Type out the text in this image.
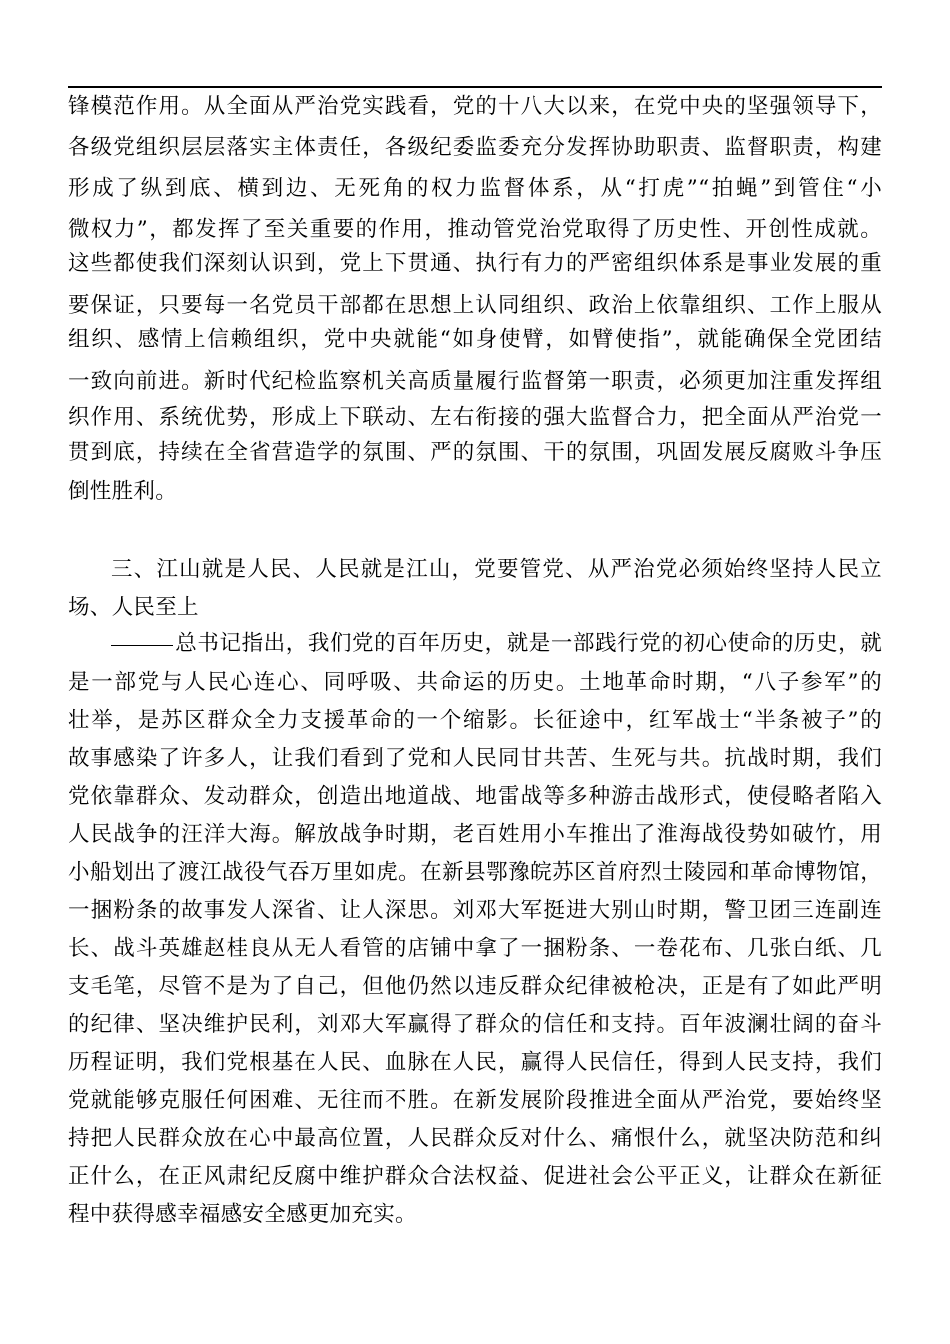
锋模范作用。从全面从严治党实践看，党的十八大以来，在党中央的坚强领导下，
各级党组织层层落实主体责任，各级纪委监委充分发挥协助职责、监督职责，构建
形成了纵到底、横到边、无死角的权力监督体系，从“打虎”“拍蝇”到管住“小
微权力”，都发挥了至关重要的作用，推动管党治党取得了历史性、开创性成就。
这些都使我们深刻认识到，党上下贯通、执行有力的严密组织体系是事业发展的重
要保证，只要每一名党员干部都在思想上认同组织、政治上依靠组织、工作上服从
组织、感情上信赖组织，党中央就能“如身使臂，如臂使指”，就能确保全党团结
一致向前进。新时代纪检监察机关高质量履行监督第一职责，必须更加注重发挥组
织作用、系统优势，形成上下联动、左右衔接的强大监督合力，把全面从严治党一
贯到底，持续在全省营造学的氛围、严的氛围、干的氛围，巩固发展反腐败斗争压
倒性胜利。
三、江山就是人民、人民就是江山，党要管党、从严治党必须始终坚持人民立
场、人民至上
总书记指出，我们党的百年历史，就是一部践行党的初心使命的历史，就
是一部党与人民心连心、同呼吸、共命运的历史。土地革命时期，“八子参军”的
壮举，是苏区群众全力支援革命的一个缩影。长征途中，红军战士“半条被子”的
故事感染了许多人，让我们看到了党和人民同甘共苦、生死与共。抗战时期，我们
党依靠群众、发动群众，创造出地道战、地雷战等多种游击战形式，使侵略者陷入
人民战争的汪洋大海。解放战争时期，老百姓用小车推出了淮海战役势如破竹，用
小船划出了渡江战役气吞万里如虎。在新县鄂豫皖苏区首府烈士陵园和革命博物馆，
一捆粉条的故事发人深省、让人深思。刘邓大军挺进大别山时期，警卫团三连副连
长、战斗英雄赵桂良从无人看管的店铺中拿了一捆粉条、一卷花布、几张白纸、几
支毛笔，尽管不是为了自己，但他仍然以违反群众纪律被枪决，正是有了如此严明
的纪律、坚决维护民利，刘邓大军赢得了群众的信任和支持。百年波澜壮阔的奋斗
历程证明，我们党根基在人民、血脉在人民，赢得人民信任，得到人民支持，我们
党就能够克服任何困难、无往而不胜。在新发展阶段推进全面从严治党，要始终坚
持把人民群众放在心中最高位置，人民群众反对什么、痛恨什么，就坚决防范和纠
正什么，在正风肃纪反腐中维护群众合法权益、促进社会公平正义，让群众在新征
程中获得感幸福感安全感更加充实。
